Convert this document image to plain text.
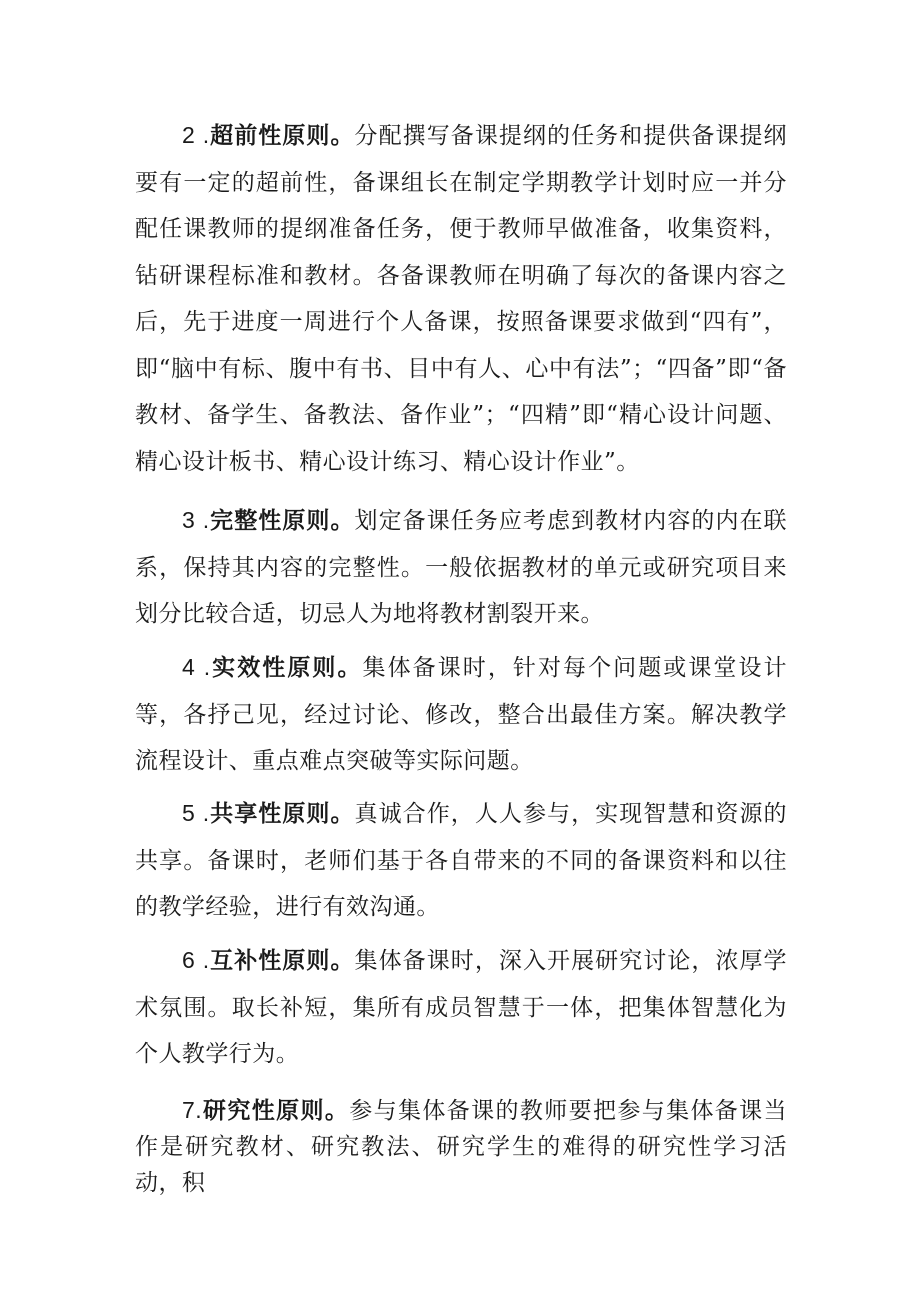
2 .超前性原则。分配撰写备课提纲的任务和提供备课提纲要有一定的超前性，备课组长在制定学期教学计划时应一并分配任课教师的提纲准备任务，便于教师早做准备，收集资料，钻研课程标准和教材。各备课教师在明确了每次的备课内容之后，先于进度一周进行个人备课，按照备课要求做到“四有”，即“脑中有标、腹中有书、目中有人、心中有法”；“四备”即“备教材、备学生、备教法、备作业”；“四精”即“精心设计问题、精心设计板书、精心设计练习、精心设计作业”。

3 .完整性原则。划定备课任务应考虑到教材内容的内在联系，保持其内容的完整性。一般依据教材的单元或研究项目来划分比较合适，切忌人为地将教材割裂开来。

4 .实效性原则。集体备课时，针对每个问题或课堂设计等，各抒己见，经过讨论、修改，整合出最佳方案。解决教学流程设计、重点难点突破等实际问题。

5 .共享性原则。真诚合作，人人参与，实现智慧和资源的共享。备课时，老师们基于各自带来的不同的备课资料和以往的教学经验，进行有效沟通。

6 .互补性原则。集体备课时，深入开展研究讨论，浓厚学术氛围。取长补短，集所有成员智慧于一体，把集体智慧化为个人教学行为。

7.研究性原则。参与集体备课的教师要把参与集体备课当作是研究教材、研究教法、研究学生的难得的研究性学习活动，积
